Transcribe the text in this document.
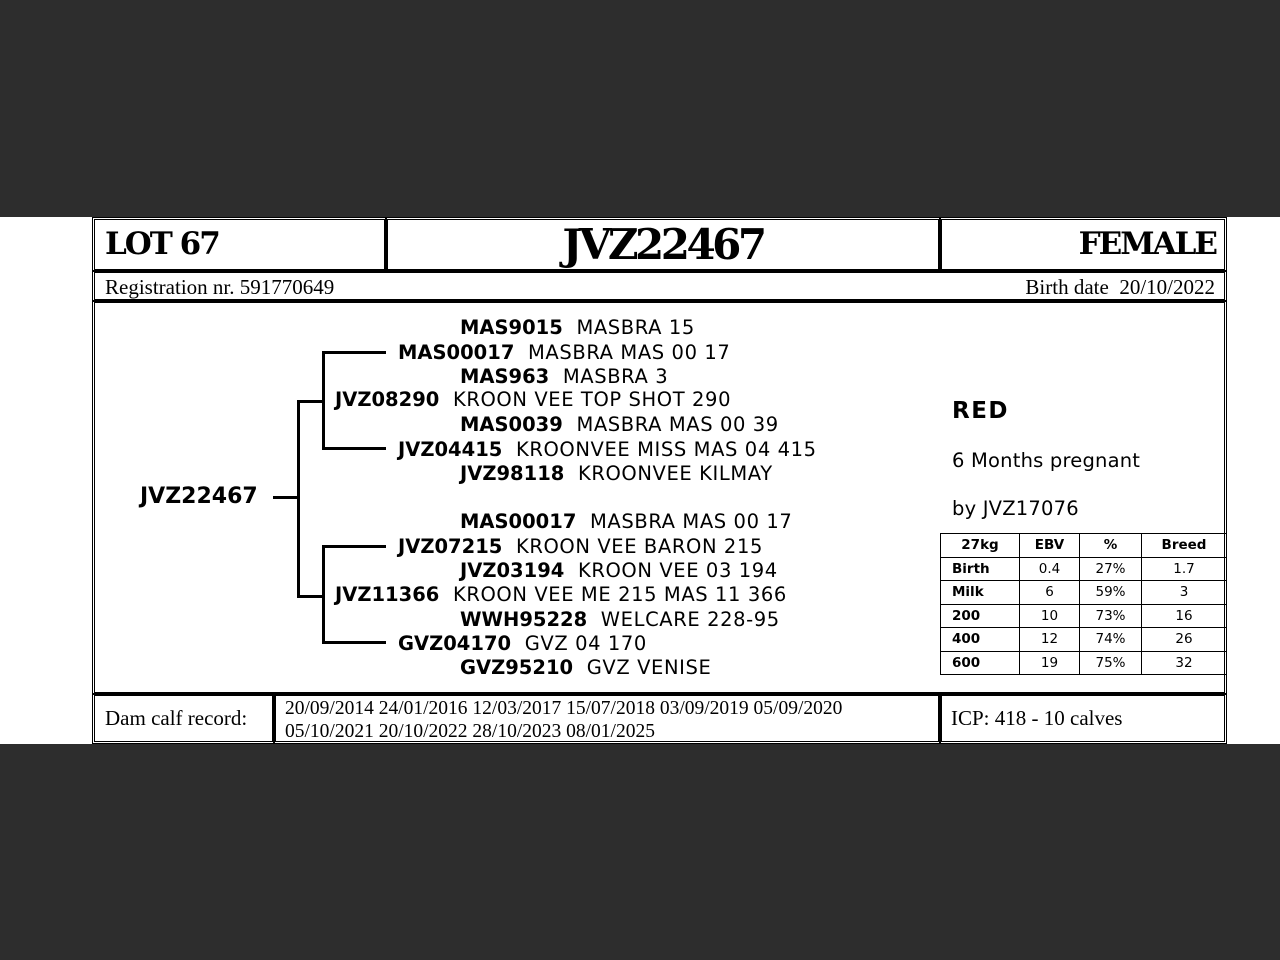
LOT 67	JVZ22467	FEMALE
Registration nr. 591770649	Birth date 20/10/2022
JVZ22467
MAS9015 MASBRA 15
MAS00017 MASBRA MAS 00 17
MAS963 MASBRA 3
JVZ08290 KROON VEE TOP SHOT 290
MAS0039 MASBRA MAS 00 39
JVZ04415 KROONVEE MISS MAS 04 415
JVZ98118 KROONVEE KILMAY
MAS00017 MASBRA MAS 00 17
JVZ07215 KROON VEE BARON 215
JVZ03194 KROON VEE 03 194
JVZ11366 KROON VEE ME 215 MAS 11 366
WWH95228 WELCARE 228-95
GVZ04170 GVZ 04 170
GVZ95210 GVZ VENISE
RED
6 Months pregnant
by JVZ17076
27kg	EBV	%	Breed
Birth	0.4	27%	1.7
Milk	6	59%	3
200	10	73%	16
400	12	74%	26
600	19	75%	32
Dam calf record: 20/09/2014 24/01/2016 12/03/2017 15/07/2018 03/09/2019 05/09/2020
05/10/2021 20/10/2022 28/10/2023 08/01/2025
ICP: 418 - 10 calves
